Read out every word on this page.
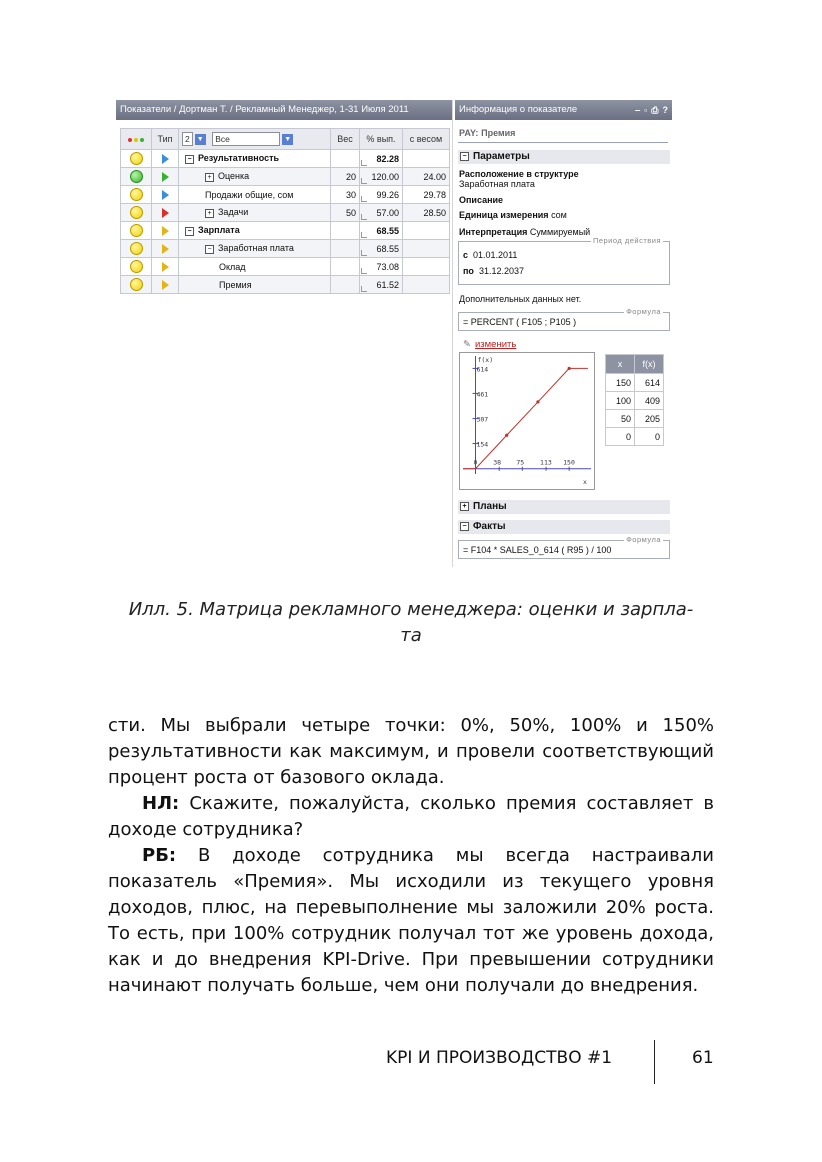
Показатели / Дортман Т. / Рекламный Менеджер, 1-31 Июля 2011
	Тип	2 ▼ Все ▼	Вес	% вып.	с весом
		− Результативность		82.28	
		+ Оценка	20	120.00	24.00
		Продажи общие, сом	30	99.26	29.78
		+ Задачи	50	57.00	28.50
		− Зарплата		68.55	
		− Заработная плата		68.55	
		Оклад		73.08	
		Премия		61.52	
Информация о показателе	‒ ▫ ⎙ ?
PAY: Премия
− Параметры
Расположение в структуре
Заработная плата
Описание
Единица измерения сом
Интерпретация Суммируемый
Период действия
с 01.01.2011
по 31.12.2037
Дополнительных данных нет.
Формула
= PERCENT ( F105 ; P105 )
✎ изменить
154
307
461
614
0 38 75 113 150
f(x)
x
x	f(x)
150	614
100	409
50	205
0	0
+ Планы
− Факты
Формула
= F104 * SALES_0_614 ( R95 ) / 100
Илл. 5. Матрица рекламного менеджера: оценки и зарпла-
та
сти. Мы выбрали четыре точки: 0%, 50%, 100% и 150% результативности как максимум, и провели соответствующий процент роста от базового оклада.
НЛ: Скажите, пожалуйста, сколько премия составляет в доходе сотрудника?
РБ: В доходе сотрудника мы всегда настраивали показатель «Премия». Мы исходили из текущего уровня доходов, плюс, на перевыполнение мы заложили 20% роста. То есть, при 100% сотрудник получал тот же уровень дохода, как и до внедрения KPI-Drive. При превышении сотрудники начинают получать больше, чем они получали до внедрения.
KPI И ПРОИЗВОДСТВО #1	61
